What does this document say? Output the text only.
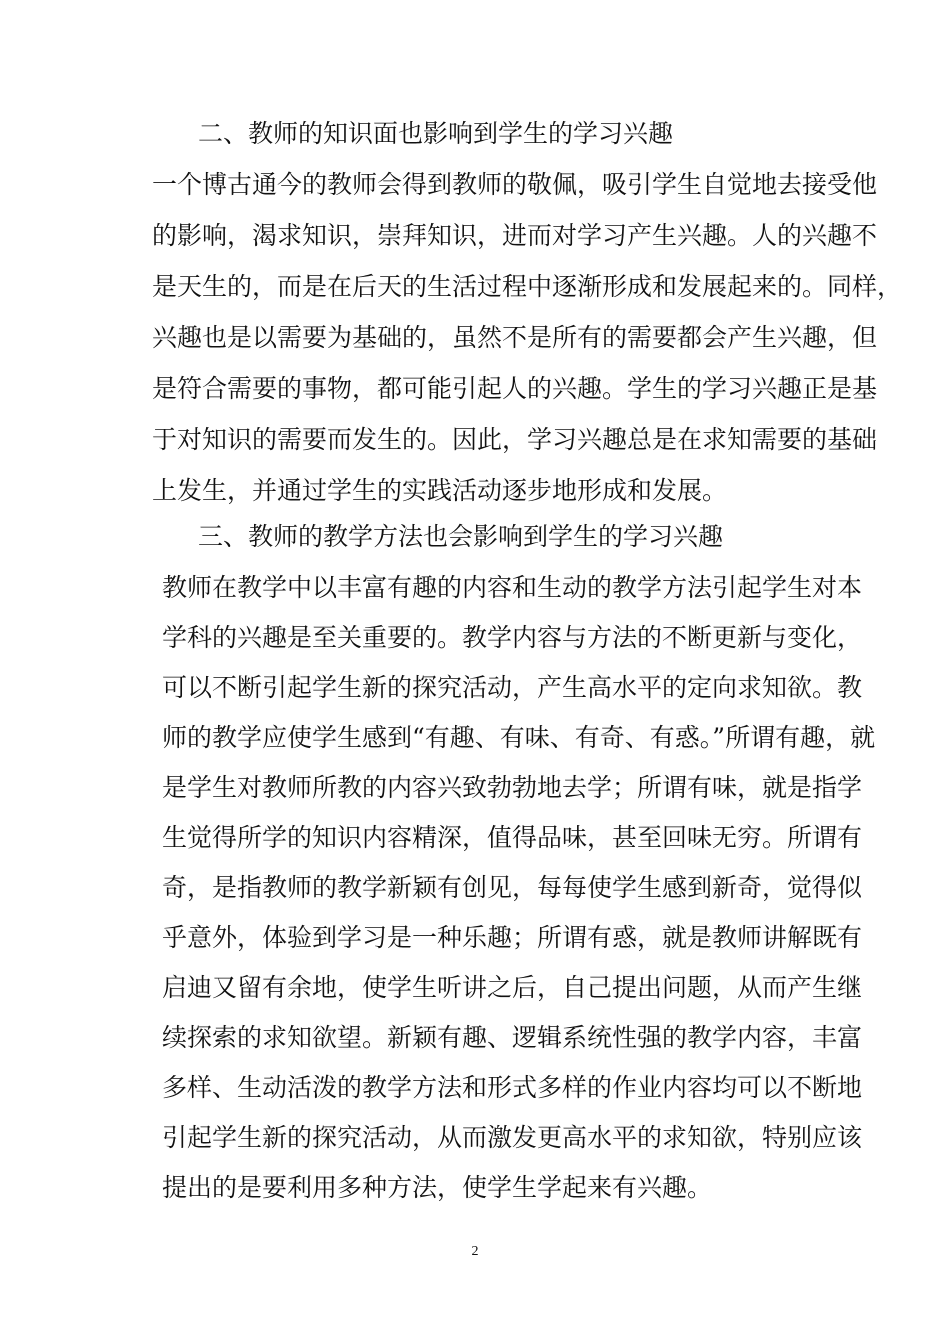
二、教师的知识面也影响到学生的学习兴趣
一个博古通今的教师会得到教师的敬佩，吸引学生自觉地去接受他
的影响，渴求知识，崇拜知识，进而对学习产生兴趣。人的兴趣不
是天生的，而是在后天的生活过程中逐渐形成和发展起来的。同样，
兴趣也是以需要为基础的，虽然不是所有的需要都会产生兴趣，但
是符合需要的事物，都可能引起人的兴趣。学生的学习兴趣正是基
于对知识的需要而发生的。因此，学习兴趣总是在求知需要的基础
上发生，并通过学生的实践活动逐步地形成和发展。
三、教师的教学方法也会影响到学生的学习兴趣
教师在教学中以丰富有趣的内容和生动的教学方法引起学生对本
学科的兴趣是至关重要的。教学内容与方法的不断更新与变化，
可以不断引起学生新的探究活动，产生高水平的定向求知欲。教
师的教学应使学生感到“有趣、有味、有奇、有惑。”所谓有趣，就
是学生对教师所教的内容兴致勃勃地去学；所谓有味，就是指学
生觉得所学的知识内容精深，值得品味，甚至回味无穷。所谓有
奇，是指教师的教学新颖有创见，每每使学生感到新奇，觉得似
乎意外，体验到学习是一种乐趣；所谓有惑，就是教师讲解既有
启迪又留有余地，使学生听讲之后，自己提出问题，从而产生继
续探索的求知欲望。新颖有趣、逻辑系统性强的教学内容，丰富
多样、生动活泼的教学方法和形式多样的作业内容均可以不断地
引起学生新的探究活动，从而激发更高水平的求知欲，特别应该
提出的是要利用多种方法，使学生学起来有兴趣。
2
